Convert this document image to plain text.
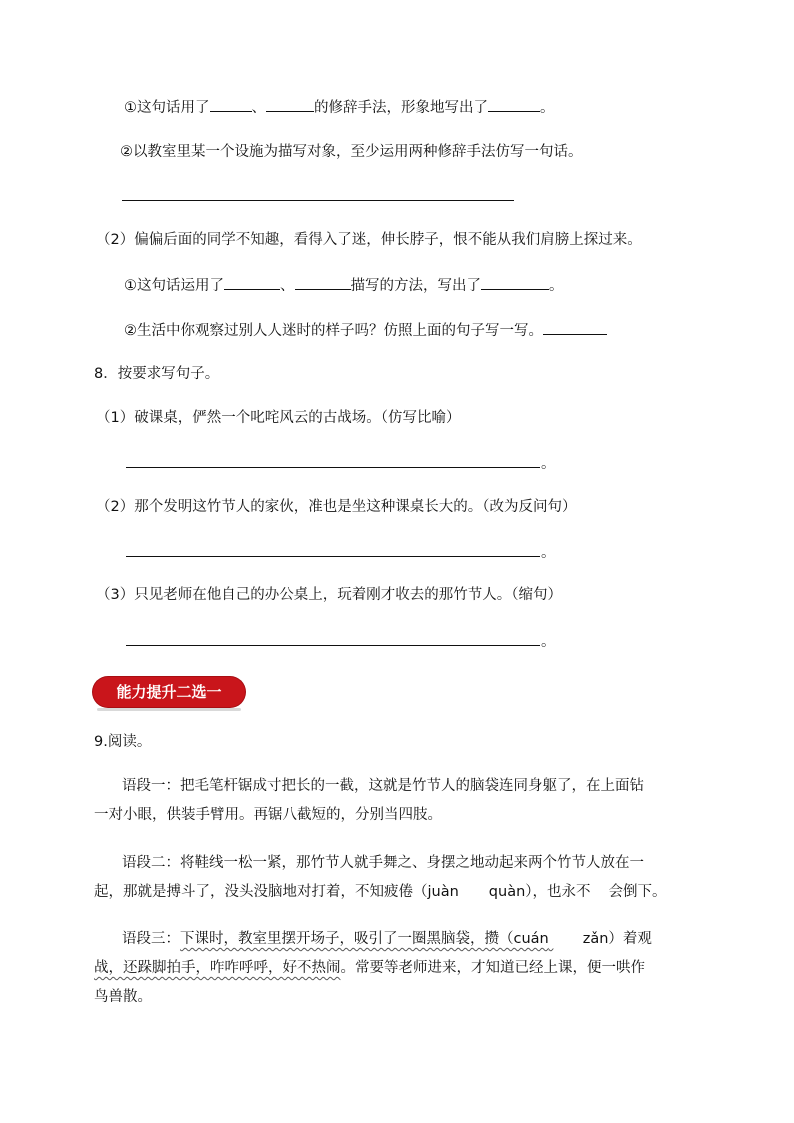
①这句话用了	、	的修辞手法，形象地写出了	。
②以教室里某一个设施为描写对象，至少运用两种修辞手法仿写一句话。
（2）偏偏后面的同学不知趣，看得入了迷，伸长脖子，恨不能从我们肩膀上探过来。
①这句话运用了	、	描写的方法，写出了	。
②生活中你观察过别人人迷时的样子吗？仿照上面的句子写一写。
8．按要求写句子。
（1）破课桌，俨然一个叱咤风云的古战场。（仿写比喻）
。
（2）那个发明这竹节人的家伙，准也是坐这种课桌长大的。（改为反问句）
。
（3）只见老师在他自己的办公桌上，玩着刚才收去的那竹节人。（缩句）
。
能力提升二选一
9.阅读。
语段一：把毛笔杆锯成寸把长的一截，这就是竹节人的脑袋连同身躯了，在上面钻
一对小眼，供装手臂用。再锯八截短的，分别当四肢。
语段二：将鞋线一松一紧，那竹节人就手舞之、身摆之地动起来两个竹节人放在一
起，那就是搏斗了，没头没脑地对打着，不知疲倦（juàn quàn），也永不 会倒下。
语段三：下课时，教室里摆开场子，吸引了一圈黑脑袋，攒（cuán zǎn）着观
战，还跺脚拍手，咋咋呼呼，好不热闹。常要等老师进来，才知道已经上课，便一哄作
鸟兽散。
